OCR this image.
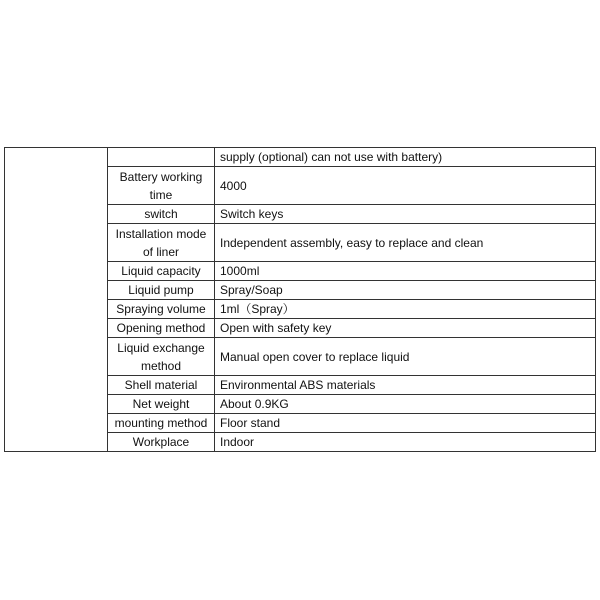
		supply (optional) can not use with battery)
	Battery working time	4000
	switch	Switch keys
	Installation mode of liner	Independent assembly, easy to replace and clean
	Liquid capacity	1000ml
	Liquid pump	Spray/Soap
	Spraying volume	1ml（Spray）
	Opening method	Open with safety key
	Liquid exchange method	Manual open cover to replace liquid
	Shell material	Environmental ABS materials
	Net weight	About 0.9KG
	mounting method	Floor stand
	Workplace	Indoor
